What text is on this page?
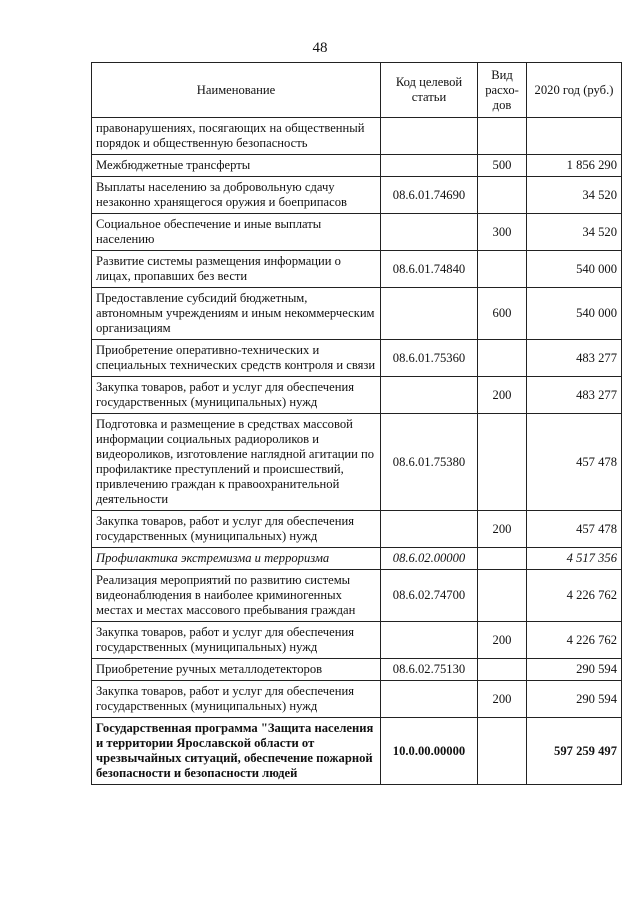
48
Наименование	Код целевой статьи	Вид расхо-дов	2020 год (руб.)
правонарушениях, посягающих на общественный порядок и общественную безопасность			
Межбюджетные трансферты		500	1 856 290
Выплаты населению за добровольную сдачу незаконно хранящегося оружия и боеприпасов	08.6.01.74690		34 520
Социальное обеспечение и иные выплаты населению		300	34 520
Развитие системы размещения информации о лицах, пропавших без вести	08.6.01.74840		540 000
Предоставление субсидий бюджетным, автономным учреждениям и иным некоммерческим организациям		600	540 000
Приобретение оперативно-технических и специальных технических средств контроля и связи	08.6.01.75360		483 277
Закупка товаров, работ и услуг для обеспечения государственных (муниципальных) нужд		200	483 277
Подготовка и размещение в средствах массовой информации социальных радиороликов и видеороликов, изготовление наглядной агитации по профилактике преступлений и происшествий, привлечению граждан к правоохранительной деятельности	08.6.01.75380		457 478
Закупка товаров, работ и услуг для обеспечения государственных (муниципальных) нужд		200	457 478
Профилактика экстремизма и терроризма	08.6.02.00000		4 517 356
Реализация мероприятий по развитию системы видеонаблюдения в наиболее криминогенных местах и местах массового пребывания граждан	08.6.02.74700		4 226 762
Закупка товаров, работ и услуг для обеспечения государственных (муниципальных) нужд		200	4 226 762
Приобретение ручных металлодетекторов	08.6.02.75130		290 594
Закупка товаров, работ и услуг для обеспечения государственных (муниципальных) нужд		200	290 594
Государственная программа "Защита населения и территории Ярославской области от чрезвычайных ситуаций, обеспечение пожарной безопасности и безопасности людей	10.0.00.00000		597 259 497
